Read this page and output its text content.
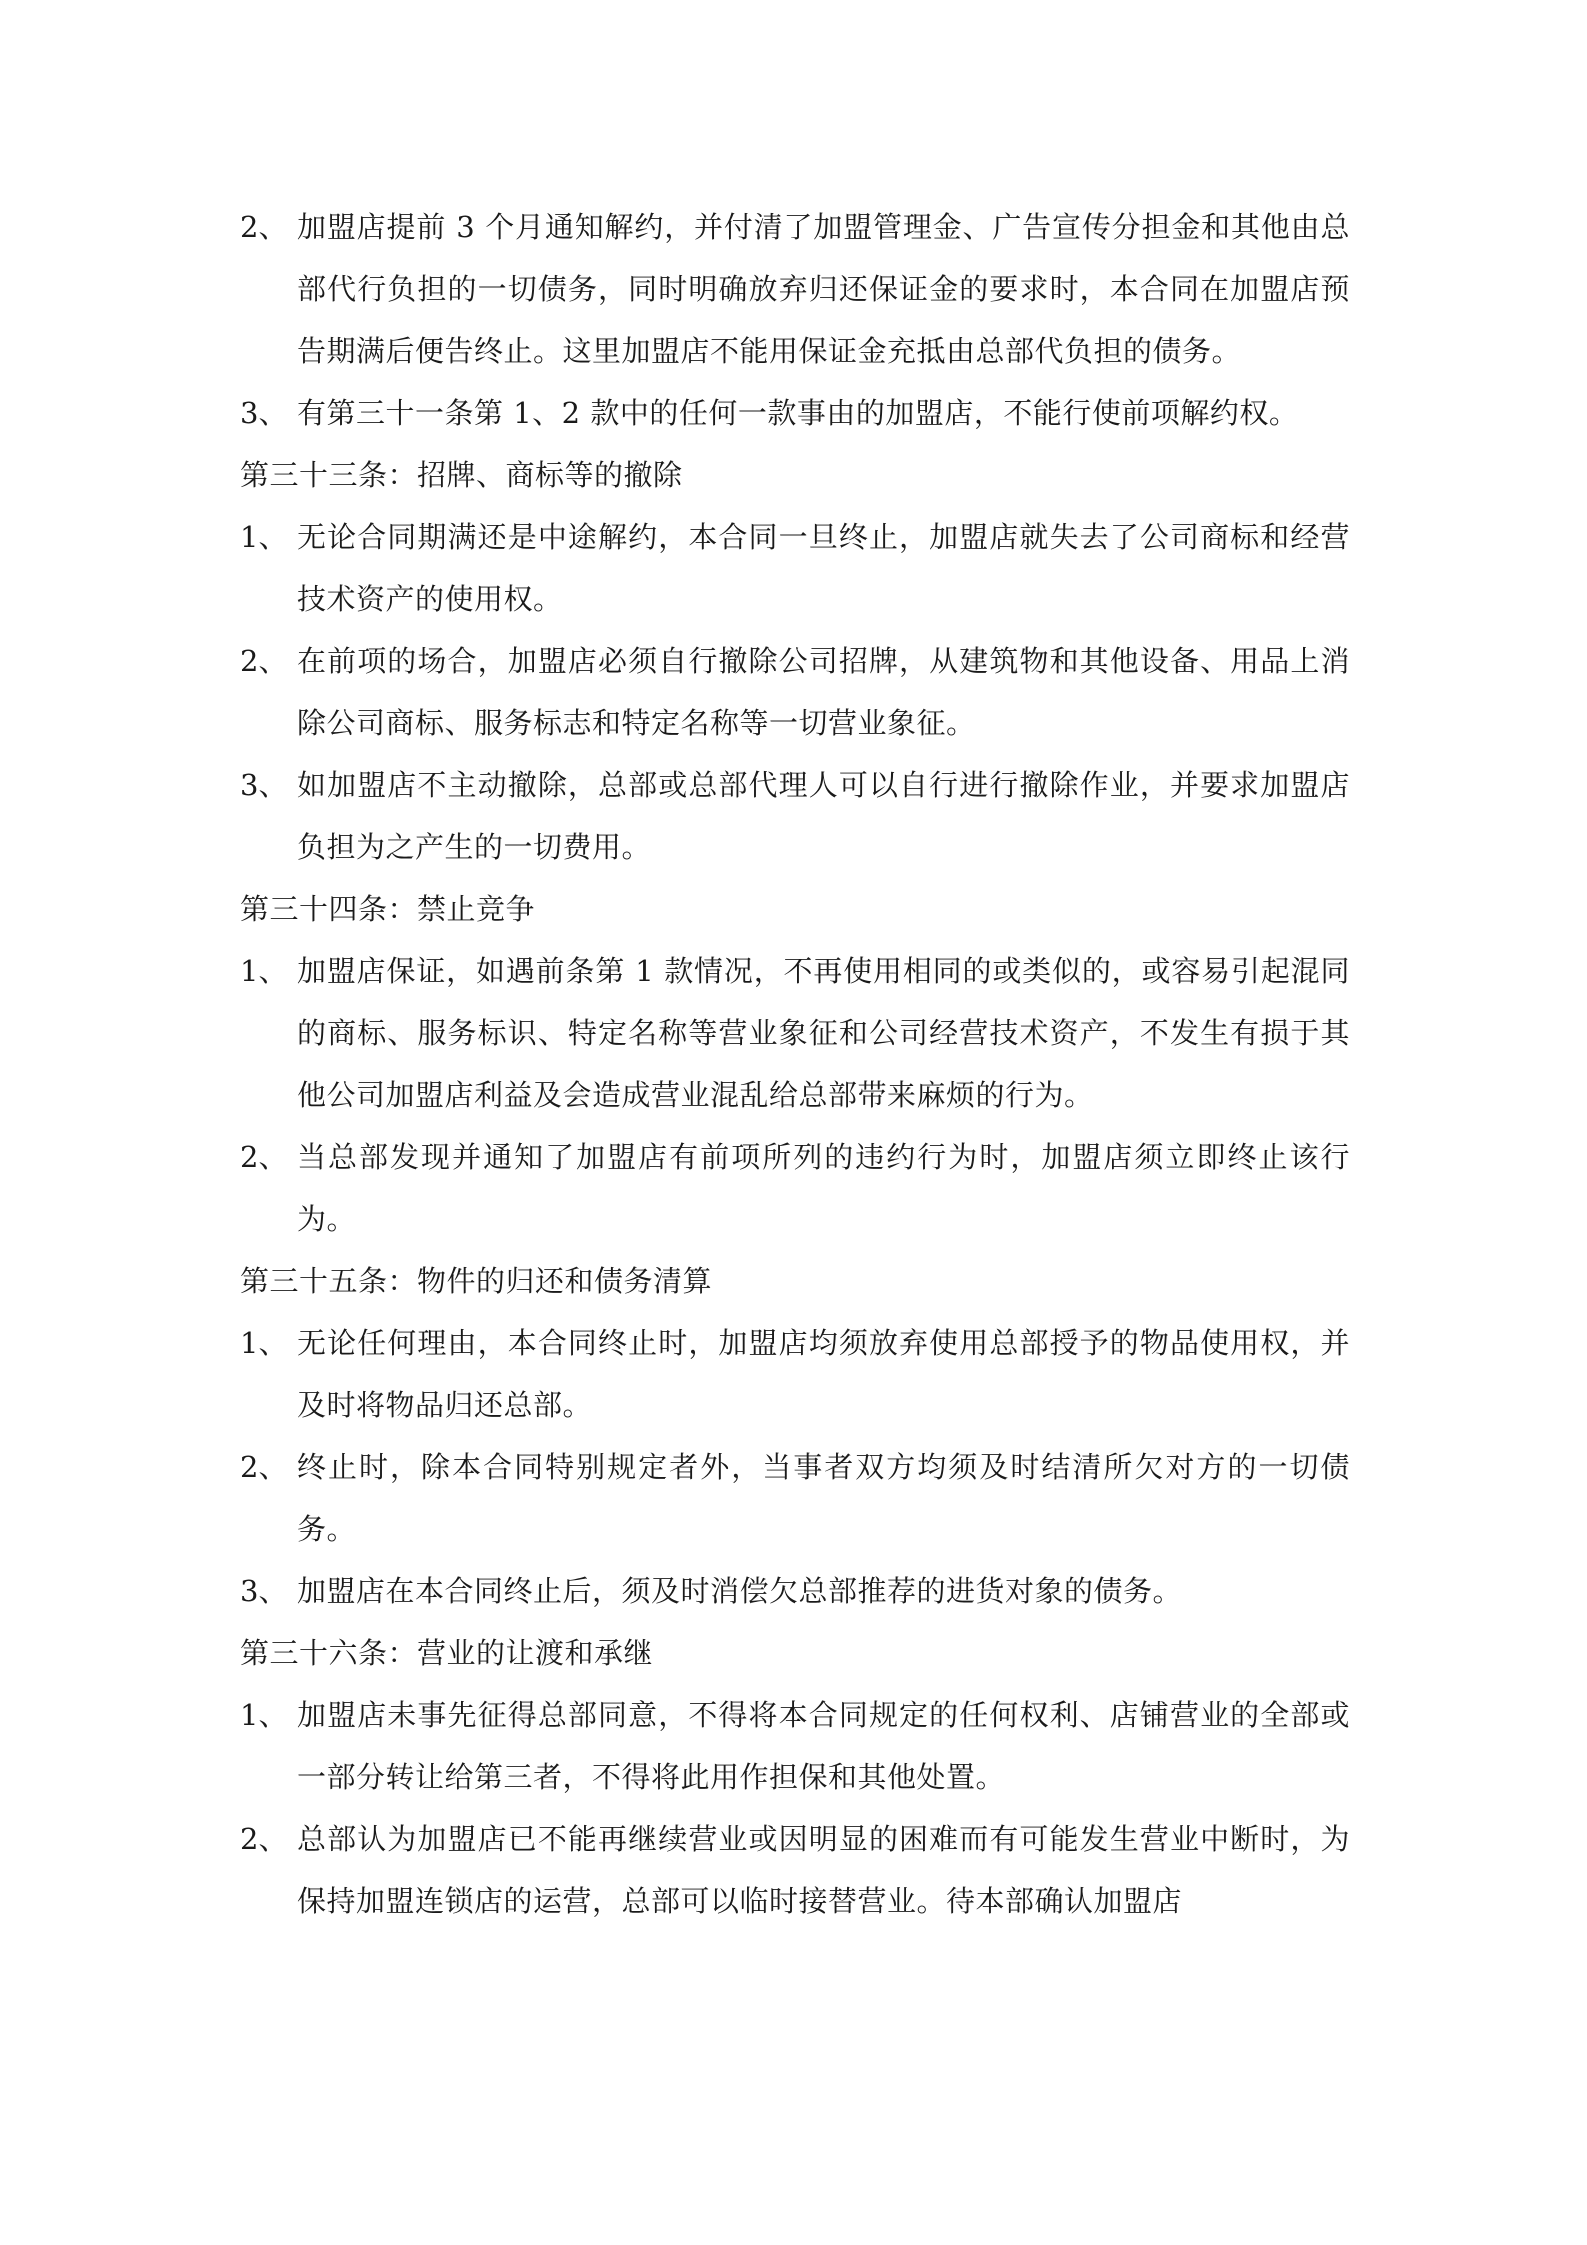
2、 加盟店提前 3 个月通知解约，并付清了加盟管理金、广告宣传分担金和其他由总部代行负担的一切债务，同时明确放弃归还保证金的要求时，本合同在加盟店预告期满后便告终止。这里加盟店不能用保证金充抵由总部代负担的债务。
3、 有第三十一条第 1、2 款中的任何一款事由的加盟店，不能行使前项解约权。
第三十三条：招牌、商标等的撤除
1、 无论合同期满还是中途解约，本合同一旦终止，加盟店就失去了公司商标和经营技术资产的使用权。
2、 在前项的场合，加盟店必须自行撤除公司招牌，从建筑物和其他设备、用品上消除公司商标、服务标志和特定名称等一切营业象征。
3、 如加盟店不主动撤除，总部或总部代理人可以自行进行撤除作业，并要求加盟店负担为之产生的一切费用。
第三十四条：禁止竞争
1、 加盟店保证，如遇前条第 1 款情况，不再使用相同的或类似的，或容易引起混同的商标、服务标识、特定名称等营业象征和公司经营技术资产，不发生有损于其他公司加盟店利益及会造成营业混乱给总部带来麻烦的行为。
2、 当总部发现并通知了加盟店有前项所列的违约行为时，加盟店须立即终止该行为。
第三十五条：物件的归还和债务清算
1、 无论任何理由，本合同终止时，加盟店均须放弃使用总部授予的物品使用权，并及时将物品归还总部。
2、 终止时，除本合同特别规定者外，当事者双方均须及时结清所欠对方的一切债务。
3、 加盟店在本合同终止后，须及时消偿欠总部推荐的进货对象的债务。
第三十六条：营业的让渡和承继
1、 加盟店未事先征得总部同意，不得将本合同规定的任何权利、店铺营业的全部或一部分转让给第三者，不得将此用作担保和其他处置。
2、 总部认为加盟店已不能再继续营业或因明显的困难而有可能发生营业中断时，为保持加盟连锁店的运营，总部可以临时接替营业。待本部确认加盟店
